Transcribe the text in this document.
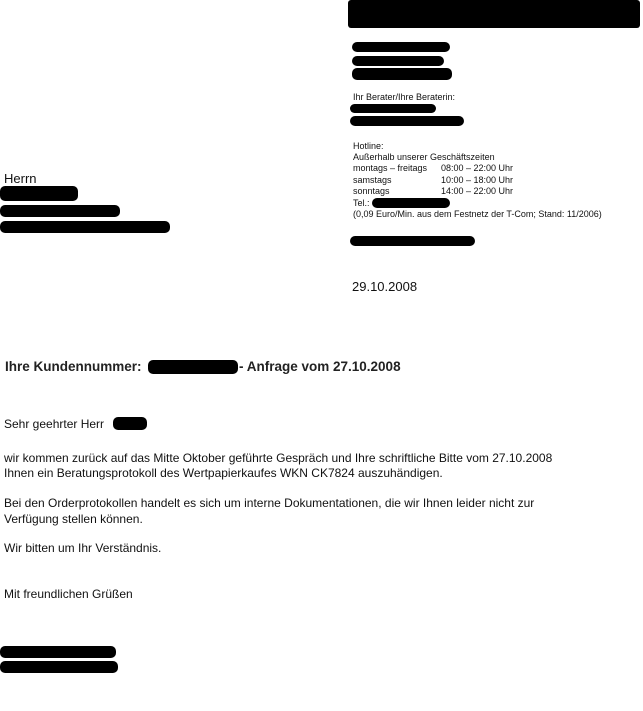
Ihr Berater/Ihre Beraterin:
Hotline:
Außerhalb unserer Geschäftszeiten
montags – freitags	08:00 – 22:00 Uhr
samstags	10:00 – 18:00 Uhr
sonntags	14:00 – 22:00 Uhr
Tel.:
(0,09 Euro/Min. aus dem Festnetz der T-Com; Stand: 11/2006)
Herrn
29.10.2008
Ihre Kundennummer:	- Anfrage vom 27.10.2008
Sehr geehrter Herr
wir kommen zurück auf das Mitte Oktober geführte Gespräch und Ihre schriftliche Bitte vom 27.10.2008
Ihnen ein Beratungsprotokoll des Wertpapierkaufes WKN CK7824 auszuhändigen.
Bei den Orderprotokollen handelt es sich um interne Dokumentationen, die wir Ihnen leider nicht zur
Verfügung stellen können.
Wir bitten um Ihr Verständnis.
Mit freundlichen Grüßen
